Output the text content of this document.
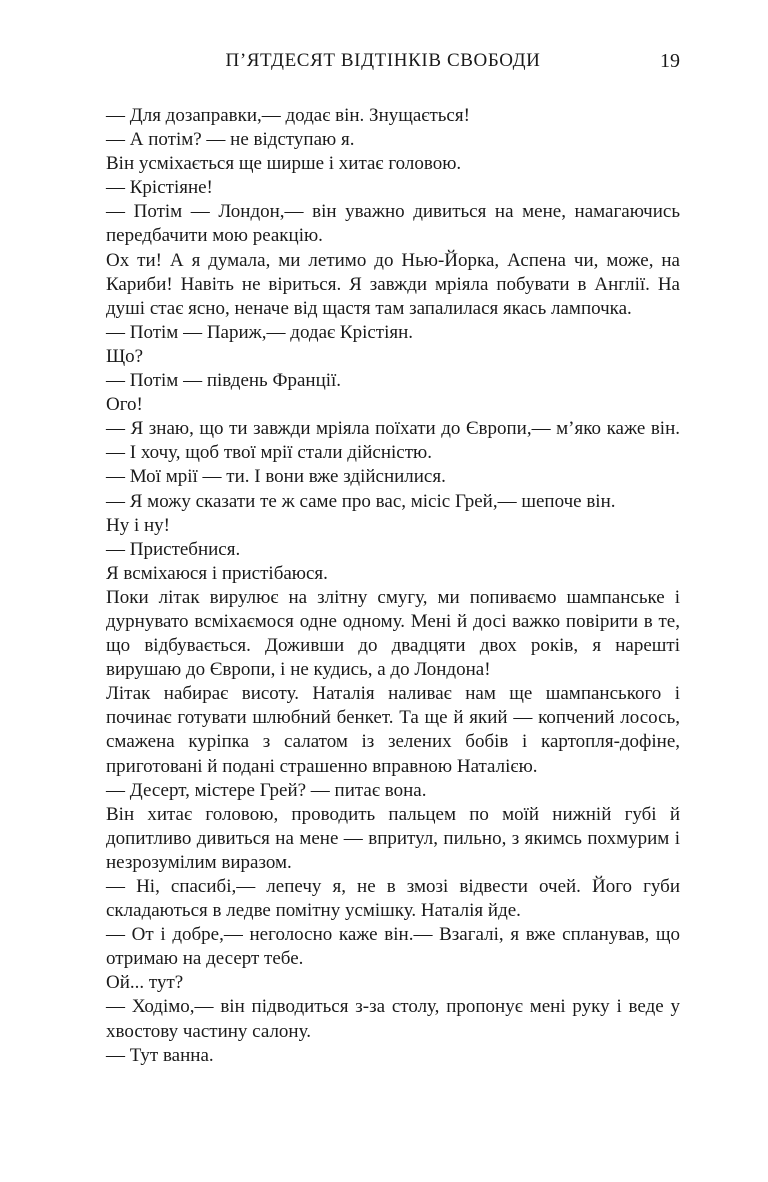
П’ЯТДЕСЯТ ВІДТІНКІВ СВОБОДИ	19

— Для дозаправки,— додає він. Знущається!

— А потім? — не відступаю я.

Він усміхається ще ширше і хитає головою.

— Крістіяне!

— Потім — Лондон,— він уважно дивиться на мене, намагаючись передбачити мою реакцію.

Ох ти! А я думала, ми летимо до Нью-Йорка, Аспена чи, може, на Кариби! Навіть не віриться. Я завжди мріяла побувати в Англії. На душі стає ясно, неначе від щастя там запалилася якась лампочка.

— Потім — Париж,— додає Крістіян.

Що?

— Потім — південь Франції.

Ого!

— Я знаю, що ти завжди мріяла поїхати до Європи,— м’яко каже він.— І хочу, щоб твої мрії стали дійсністю.

— Мої мрії — ти. І вони вже здійснилися.

— Я можу сказати те ж саме про вас, місіс Грей,— шепоче він.

Ну і ну!

— Пристебнися.

Я всміхаюся і пристібаюся.

Поки літак вирулює на злітну смугу, ми попиваємо шампанське і дурнувато всміхаємося одне одному. Мені й досі важко повірити в те, що відбувається. Доживши до двадцяти двох років, я нарешті вирушаю до Європи, і не кудись, а до Лондона!

Літак набирає висоту. Наталія наливає нам ще шампанського і починає готувати шлюбний бенкет. Та ще й який — копчений лосось, смажена куріпка з салатом із зелених бобів і картопля-дофіне, приготовані й подані страшенно вправною Наталією.

— Десерт, містере Грей? — питає вона.

Він хитає головою, проводить пальцем по моїй нижній губі й допитливо дивиться на мене — впритул, пильно, з якимсь похмурим і незрозумілим виразом.

— Ні, спасибі,— лепечу я, не в змозі відвести очей. Його губи складаються в ледве помітну усмішку. Наталія йде.

— От і добре,— неголосно каже він.— Взагалі, я вже спланував, що отримаю на десерт тебе.

Ой... тут?

— Ходімо,— він підводиться з-за столу, пропонує мені руку і веде у хвостову частину салону.

— Тут ванна.
